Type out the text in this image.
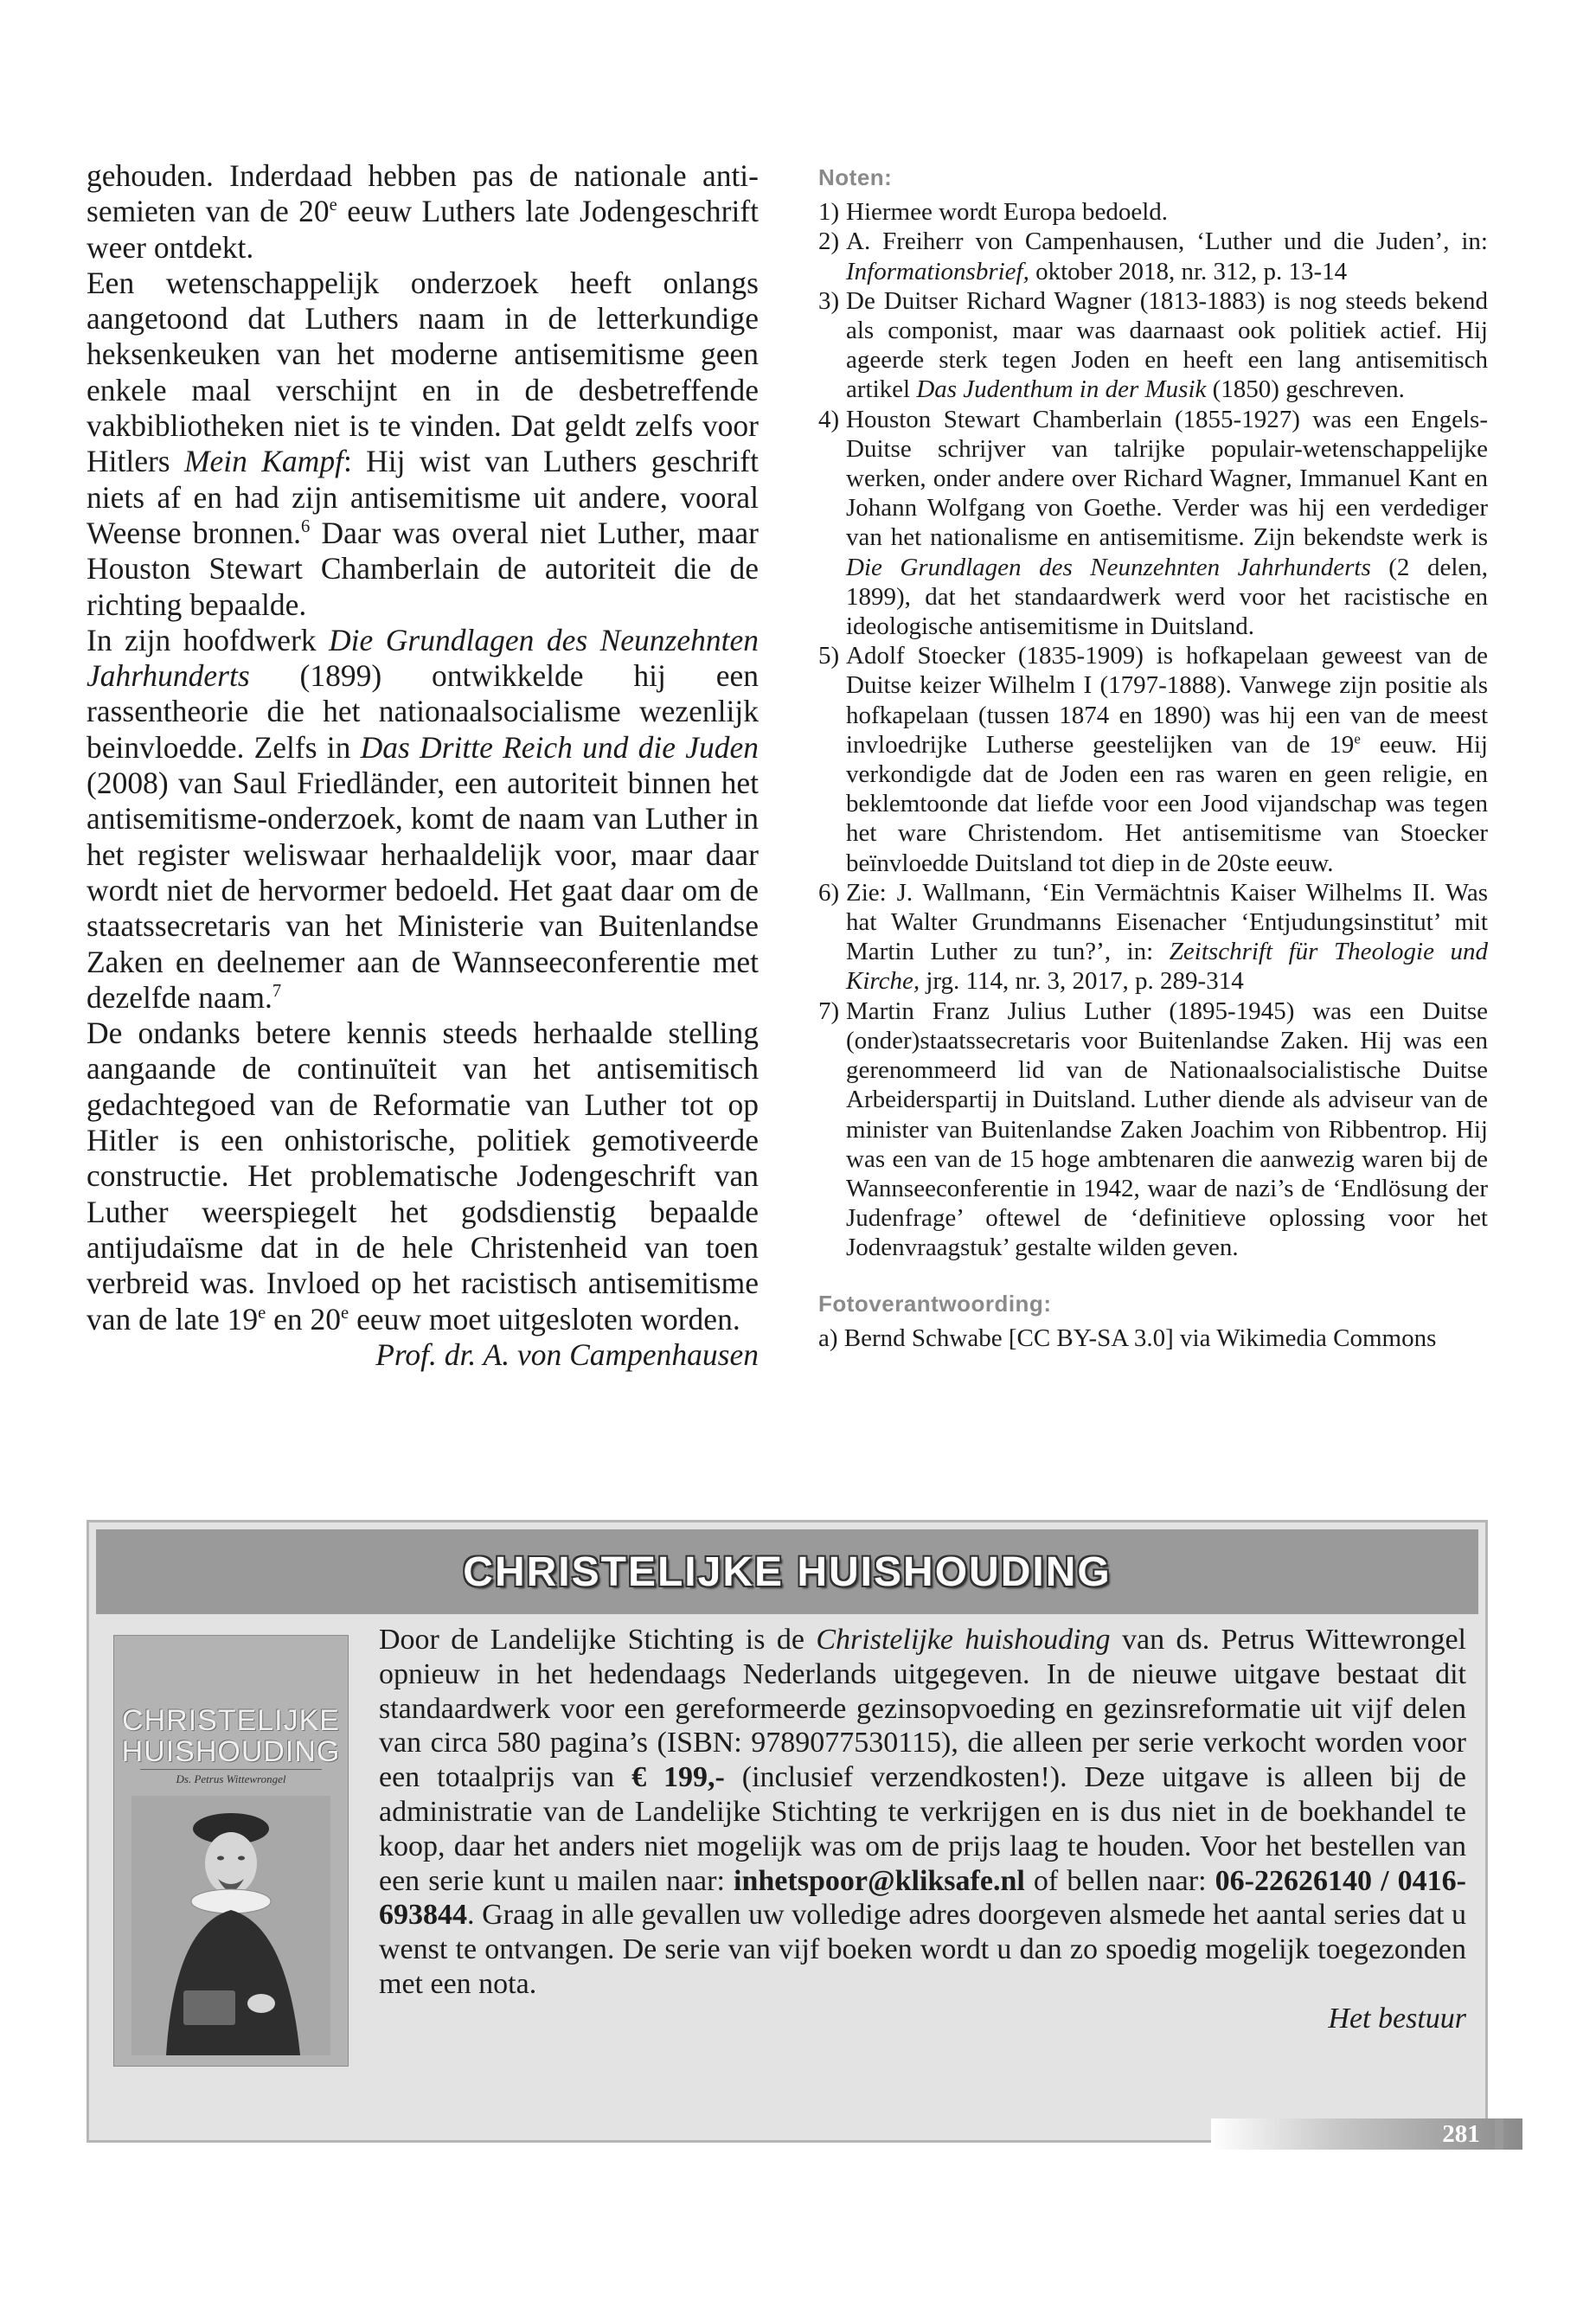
gehouden. Inderdaad hebben pas de nationale anti-semieten van de 20e eeuw Luthers late Jodengeschrift weer ontdekt.

Een wetenschappelijk onderzoek heeft onlangs aangetoond dat Luthers naam in de letterkundige heksenkeuken van het moderne antisemitisme geen enkele maal verschijnt en in de desbetreffende vakbibliotheken niet is te vinden. Dat geldt zelfs voor Hitlers Mein Kampf: Hij wist van Luthers geschrift niets af en had zijn antisemitisme uit andere, vooral Weense bronnen.$^6$ Daar was overal niet Luther, maar Houston Stewart Chamberlain de autoriteit die de richting bepaalde.

In zijn hoofdwerk Die Grundlagen des Neunzehnten Jahrhunderts (1899) ontwikkelde hij een rassentheorie die het nationaalsocialisme wezenlijk beinvloedde. Zelfs in Das Dritte Reich und die Juden (2008) van Saul Friedländer, een autoriteit binnen het antisemitisme-onderzoek, komt de naam van Luther in het register weliswaar herhaaldelijk voor, maar daar wordt niet de hervormer bedoeld. Het gaat daar om de staatssecretaris van het Ministerie van Buitenlandse Zaken en deelnemer aan de Wannseeconferentie met dezelfde naam.$^7$

De ondanks betere kennis steeds herhaalde stelling aangaande de continuïteit van het antisemitisch gedachtegoed van de Reformatie van Luther tot op Hitler is een onhistorische, politiek gemotiveerde constructie. Het problematische Jodengeschrift van Luther weerspiegelt het godsdienstig bepaalde antijudaïsme dat in de hele Christenheid van toen verbreid was. Invloed op het racistisch antisemitisme van de late 19e en 20e eeuw moet uitgesloten worden.

Prof. dr. A. von Campenhausen

Noten:
1) Hiermee wordt Europa bedoeld.
2) A. Freiherr von Campenhausen, ‘Luther und die Juden’, in: Informationsbrief, oktober 2018, nr. 312, p. 13-14
3) De Duitser Richard Wagner (1813-1883) is nog steeds bekend als componist, maar was daarnaast ook politiek actief. Hij ageerde sterk tegen Joden en heeft een lang antisemitisch artikel Das Judenthum in der Musik (1850) geschreven.
4) Houston Stewart Chamberlain (1855-1927) was een Engels-Duitse schrijver van talrijke populair-wetenschappelijke werken, onder andere over Richard Wagner, Immanuel Kant en Johann Wolfgang von Goethe. Verder was hij een verdediger van het nationalisme en antisemitisme. Zijn bekendste werk is Die Grundlagen des Neunzehnten Jahrhunderts (2 delen, 1899), dat het standaardwerk werd voor het racistische en ideologische antisemitisme in Duitsland.
5) Adolf Stoecker (1835-1909) is hofkapelaan geweest van de Duitse keizer Wilhelm I (1797-1888). Vanwege zijn positie als hofkapelaan (tussen 1874 en 1890) was hij een van de meest invloedrijke Lutherse geestelijken van de 19e eeuw. Hij verkondigde dat de Joden een ras waren en geen religie, en beklemtoonde dat liefde voor een Jood vijandschap was tegen het ware Christendom. Het antisemitisme van Stoecker beïnvloedde Duitsland tot diep in de 20ste eeuw.
6) Zie: J. Wallmann, ‘Ein Vermächtnis Kaiser Wilhelms II. Was hat Walter Grundmanns Eisenacher ‘Entjudungsinstitut’ mit Martin Luther zu tun?’, in: Zeitschrift für Theologie und Kirche, jrg. 114, nr. 3, 2017, p. 289-314
7) Martin Franz Julius Luther (1895-1945) was een Duitse (onder)staatssecretaris voor Buitenlandse Zaken. Hij was een gerenommeerd lid van de Nationaalsocialistische Duitse Arbeiderspartij in Duitsland. Luther diende als adviseur van de minister van Buitenlandse Zaken Joachim von Ribbentrop. Hij was een van de 15 hoge ambtenaren die aanwezig waren bij de Wannseeconferentie in 1942, waar de nazi’s de ‘Endlösung der Judenfrage’ oftewel de ‘definitieve oplossing voor het Jodenvraagstuk’ gestalte wilden geven.
Fotoverantwoording:
a) Bernd Schwabe [CC BY-SA 3.0] via Wikimedia Commons
CHRISTELIJKE HUISHOUDING
CHRISTELIJKE
HUISHOUDING
Ds. Petrus Wittewrongel

Door de Landelijke Stichting is de Christelijke huishouding van ds. Petrus Wittewrongel opnieuw in het hedendaags Nederlands uitgegeven. In de nieuwe uitgave bestaat dit standaardwerk voor een gereformeerde gezinsopvoeding en gezinsreformatie uit vijf delen van circa 580 pagina’s (ISBN: 9789077530115), die alleen per serie verkocht worden voor een totaalprijs van € 199,- (inclusief verzendkosten!). Deze uitgave is alleen bij de administratie van de Landelijke Stichting te verkrijgen en is dus niet in de boekhandel te koop, daar het anders niet mogelijk was om de prijs laag te houden. Voor het bestellen van een serie kunt u mailen naar: inhetspoor@kliksafe.nl of bellen naar: 06-22626140 / 0416-693844. Graag in alle gevallen uw volledige adres doorgeven alsmede het aantal series dat u wenst te ontvangen. De serie van vijf boeken wordt u dan zo spoedig mogelijk toegezonden met een nota.

Het bestuur

281
